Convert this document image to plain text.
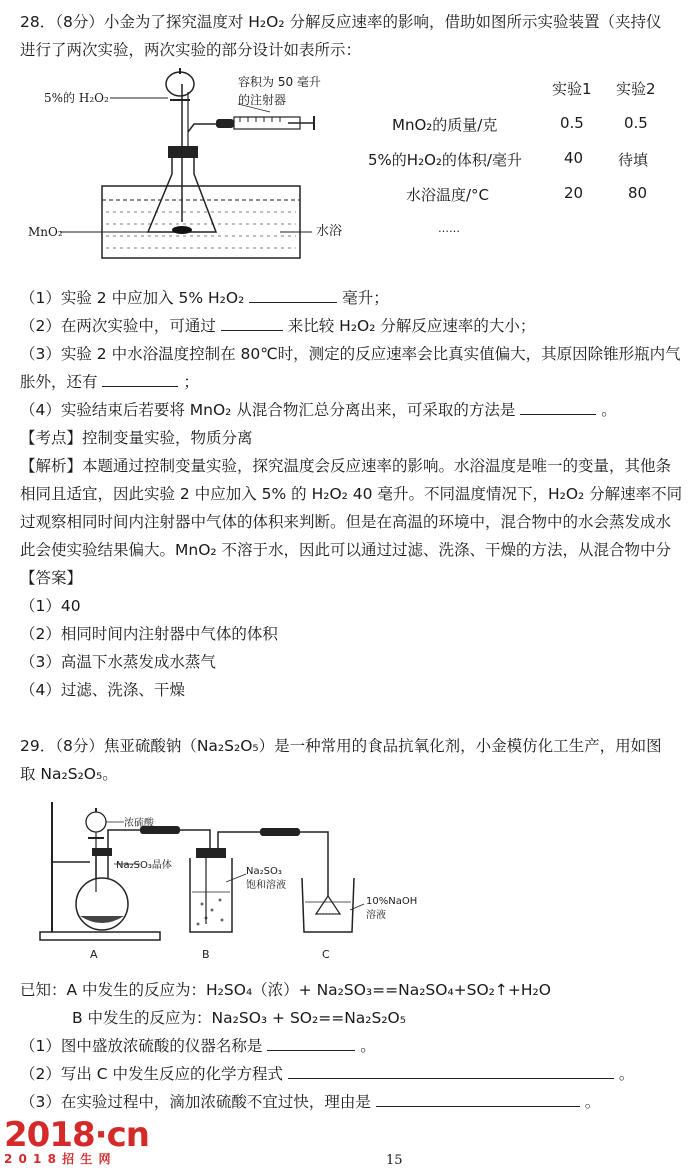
28．（8分）小金为了探究温度对 H₂O₂ 分解反应速率的影响，借助如图所示实验装置（夹持仪
进行了两次实验，两次实验的部分设计如表所示：
5%的 H₂O₂
容积为 50 毫升
的注射器
MnO₂	水浴
实验1 实验2
MnO₂的质量/克	0.5	0.5
5%的H₂O₂的体积/毫升	40 待填
水浴温度/°C	20	80
……
（1）实验 2 中应加入 5% H₂O₂	毫升；
（2）在两次实验中，可通过	来比较 H₂O₂ 分解反应速率的大小；
（3）实验 2 中水浴温度控制在 80℃时，测定的反应速率会比真实值偏大，其原因除锥形瓶内气
胀外，还有	；
（4）实验结束后若要将 MnO₂ 从混合物汇总分离出来，可采取的方法是	。
【考点】控制变量实验，物质分离
【解析】本题通过控制变量实验，探究温度会反应速率的影响。水浴温度是唯一的变量，其他条
相同且适宜，因此实验 2 中应加入 5% 的 H₂O₂ 40 毫升。不同温度情况下，H₂O₂ 分解速率不同
过观察相同时间内注射器中气体的体积来判断。但是在高温的环境中，混合物中的水会蒸发成水
此会使实验结果偏大。MnO₂ 不溶于水，因此可以通过过滤、洗涤、干燥的方法，从混合物中分
【答案】
（1）40
（2）相同时间内注射器中气体的体积
（3）高温下水蒸发成水蒸气
（4）过滤、洗涤、干燥
29．（8分）焦亚硫酸钠（Na₂S₂O₅）是一种常用的食品抗氧化剂，小金模仿化工生产，用如图
取 Na₂S₂O₅。
浓硫酸
Na₂SO₃晶体
Na₂SO₃
饱和溶液
10%NaOH
溶液
A	B	C
已知：A 中发生的反应为：H₂SO₄（浓）+ Na₂SO₃==Na₂SO₄+SO₂↑+H₂O
B 中发生的反应为：Na₂SO₃ + SO₂==Na₂S₂O₅
（1）图中盛放浓硫酸的仪器名称是	。
（2）写出 C 中发生反应的化学方程式	。
（3）在实验过程中，滴加浓硫酸不宜过快，理由是	。
2018·cn
2 0 1 8 招 生 网	15
